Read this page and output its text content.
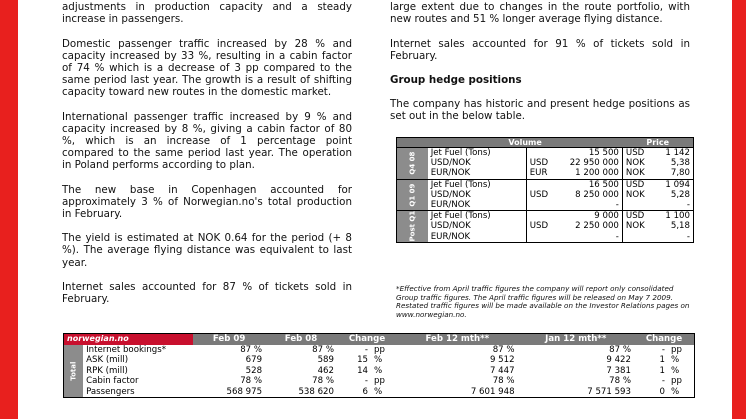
adjustments in production capacity and a steady increase in passengers.

Domestic passenger traffic increased by 28 % and capacity increased by 33 %, resulting in a cabin factor of 74 % which is a decrease of 3 pp compared to the same period last year. The growth is a result of shifting capacity toward new routes in the domestic market.

International passenger traffic increased by 9 % and capacity increased by 8 %, giving a cabin factor of 80 %, which is an increase of 1 percentage point compared to the same period last year. The operation in Poland performs according to plan.

The new base in Copenhagen accounted for approximately 3 % of Norwegian.no's total production in February.

The yield is estimated at NOK 0.64 for the period (+ 8 %). The average flying distance was equivalent to last year.

Internet sales accounted for 87 % of tickets sold in February.

large extent due to changes in the route portfolio, with new routes and 51 % longer average flying distance.

Internet sales accounted for 91 % of tickets sold in February.

Group hedge positions

The company has historic and present hedge positions as set out in the below table.

	Volume			Price	
Q4 08	Jet Fuel (Tons)		15 500	USD	1 142
	USD/NOK	USD	22 950 000	NOK	5,38
	EUR/NOK	EUR	1 200 000	NOK	7,80
Q1 09	Jet Fuel (Tons)		16 500	USD	1 094
	USD/NOK	USD	8 250 000	NOK	5,28
	EUR/NOK		-		-
Post Q1	Jet Fuel (Tons)		9 000	USD	1 100
	USD/NOK	USD	2 250 000	NOK	5,18
	EUR/NOK		-		-
*Effective from April traffic figures the company will report only consolidated Group traffic figures. The April traffic figures will be released on May 7 2009. Restated traffic figures will be made available on the Investor Relations pages on www.norwegian.no.
norwegian.no		Feb 09	Feb 08	Change		Feb 12 mth**	Jan 12 mth**	Change	
Total	Internet bookings*	87 %	87 %	-	pp	87 %	87 %	-	pp
	ASK (mill)	679	589	15	%	9 512	9 422	1	%
	RPK (mill)	528	462	14	%	7 447	7 381	1	%
	Cabin factor	78 %	78 %	-	pp	78 %	78 %	-	pp
	Passengers	568 975	538 620	6	%	7 601 948	7 571 593	0	%
